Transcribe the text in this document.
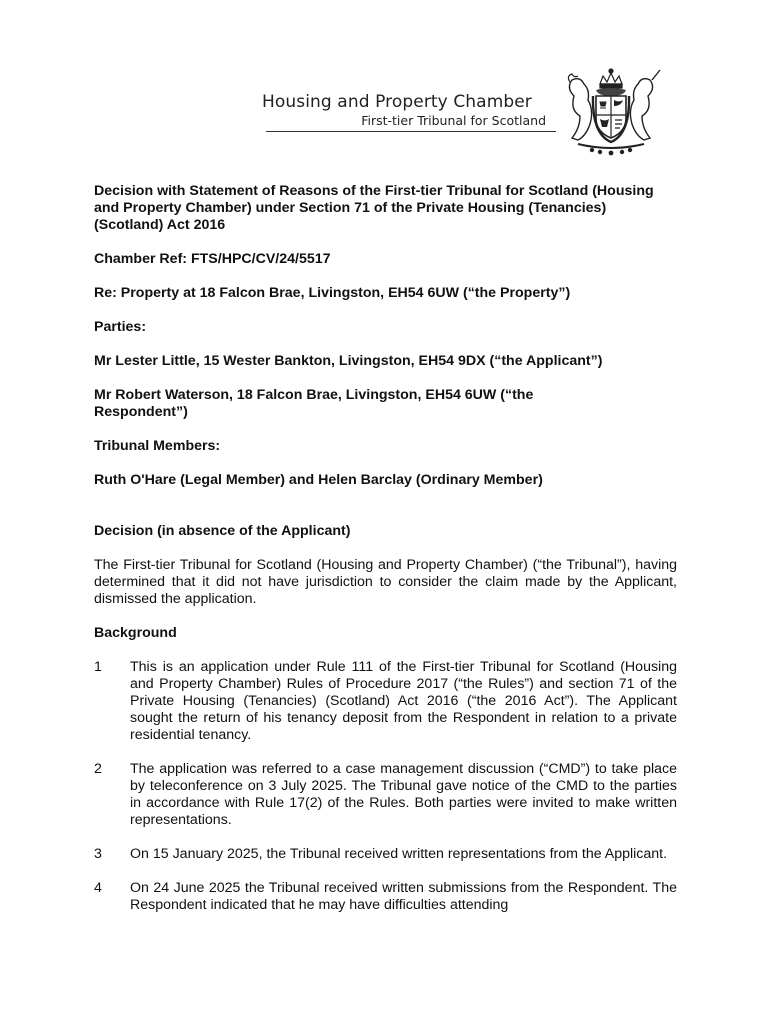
Housing and Property Chamber
First-tier Tribunal for Scotland

Decision with Statement of Reasons of the First-tier Tribunal for Scotland (Housing and Property Chamber) under Section 71 of the Private Housing (Tenancies) (Scotland) Act 2016

Chamber Ref: FTS/HPC/CV/24/5517

Re: Property at 18 Falcon Brae, Livingston, EH54 6UW (“the Property”)

Parties:

Mr Lester Little, 15 Wester Bankton, Livingston, EH54 9DX (“the Applicant”)

Mr Robert Waterson, 18 Falcon Brae, Livingston, EH54 6UW (“the Respondent”)

Tribunal Members:

Ruth O'Hare (Legal Member) and Helen Barclay (Ordinary Member)

Decision (in absence of the Applicant)

The First-tier Tribunal for Scotland (Housing and Property Chamber) (“the Tribunal”), having determined that it did not have jurisdiction to consider the claim made by the Applicant, dismissed the application.

Background

1	This is an application under Rule 111 of the First-tier Tribunal for Scotland (Housing and Property Chamber) Rules of Procedure 2017 (“the Rules”) and section 71 of the Private Housing (Tenancies) (Scotland) Act 2016 (“the 2016 Act”). The Applicant sought the return of his tenancy deposit from the Respondent in relation to a private residential tenancy.
2	The application was referred to a case management discussion (“CMD”) to take place by teleconference on 3 July 2025. The Tribunal gave notice of the CMD to the parties in accordance with Rule 17(2) of the Rules. Both parties were invited to make written representations.
3	On 15 January 2025, the Tribunal received written representations from the Applicant.
4	On 24 June 2025 the Tribunal received written submissions from the Respondent. The Respondent indicated that he may have difficulties attending
